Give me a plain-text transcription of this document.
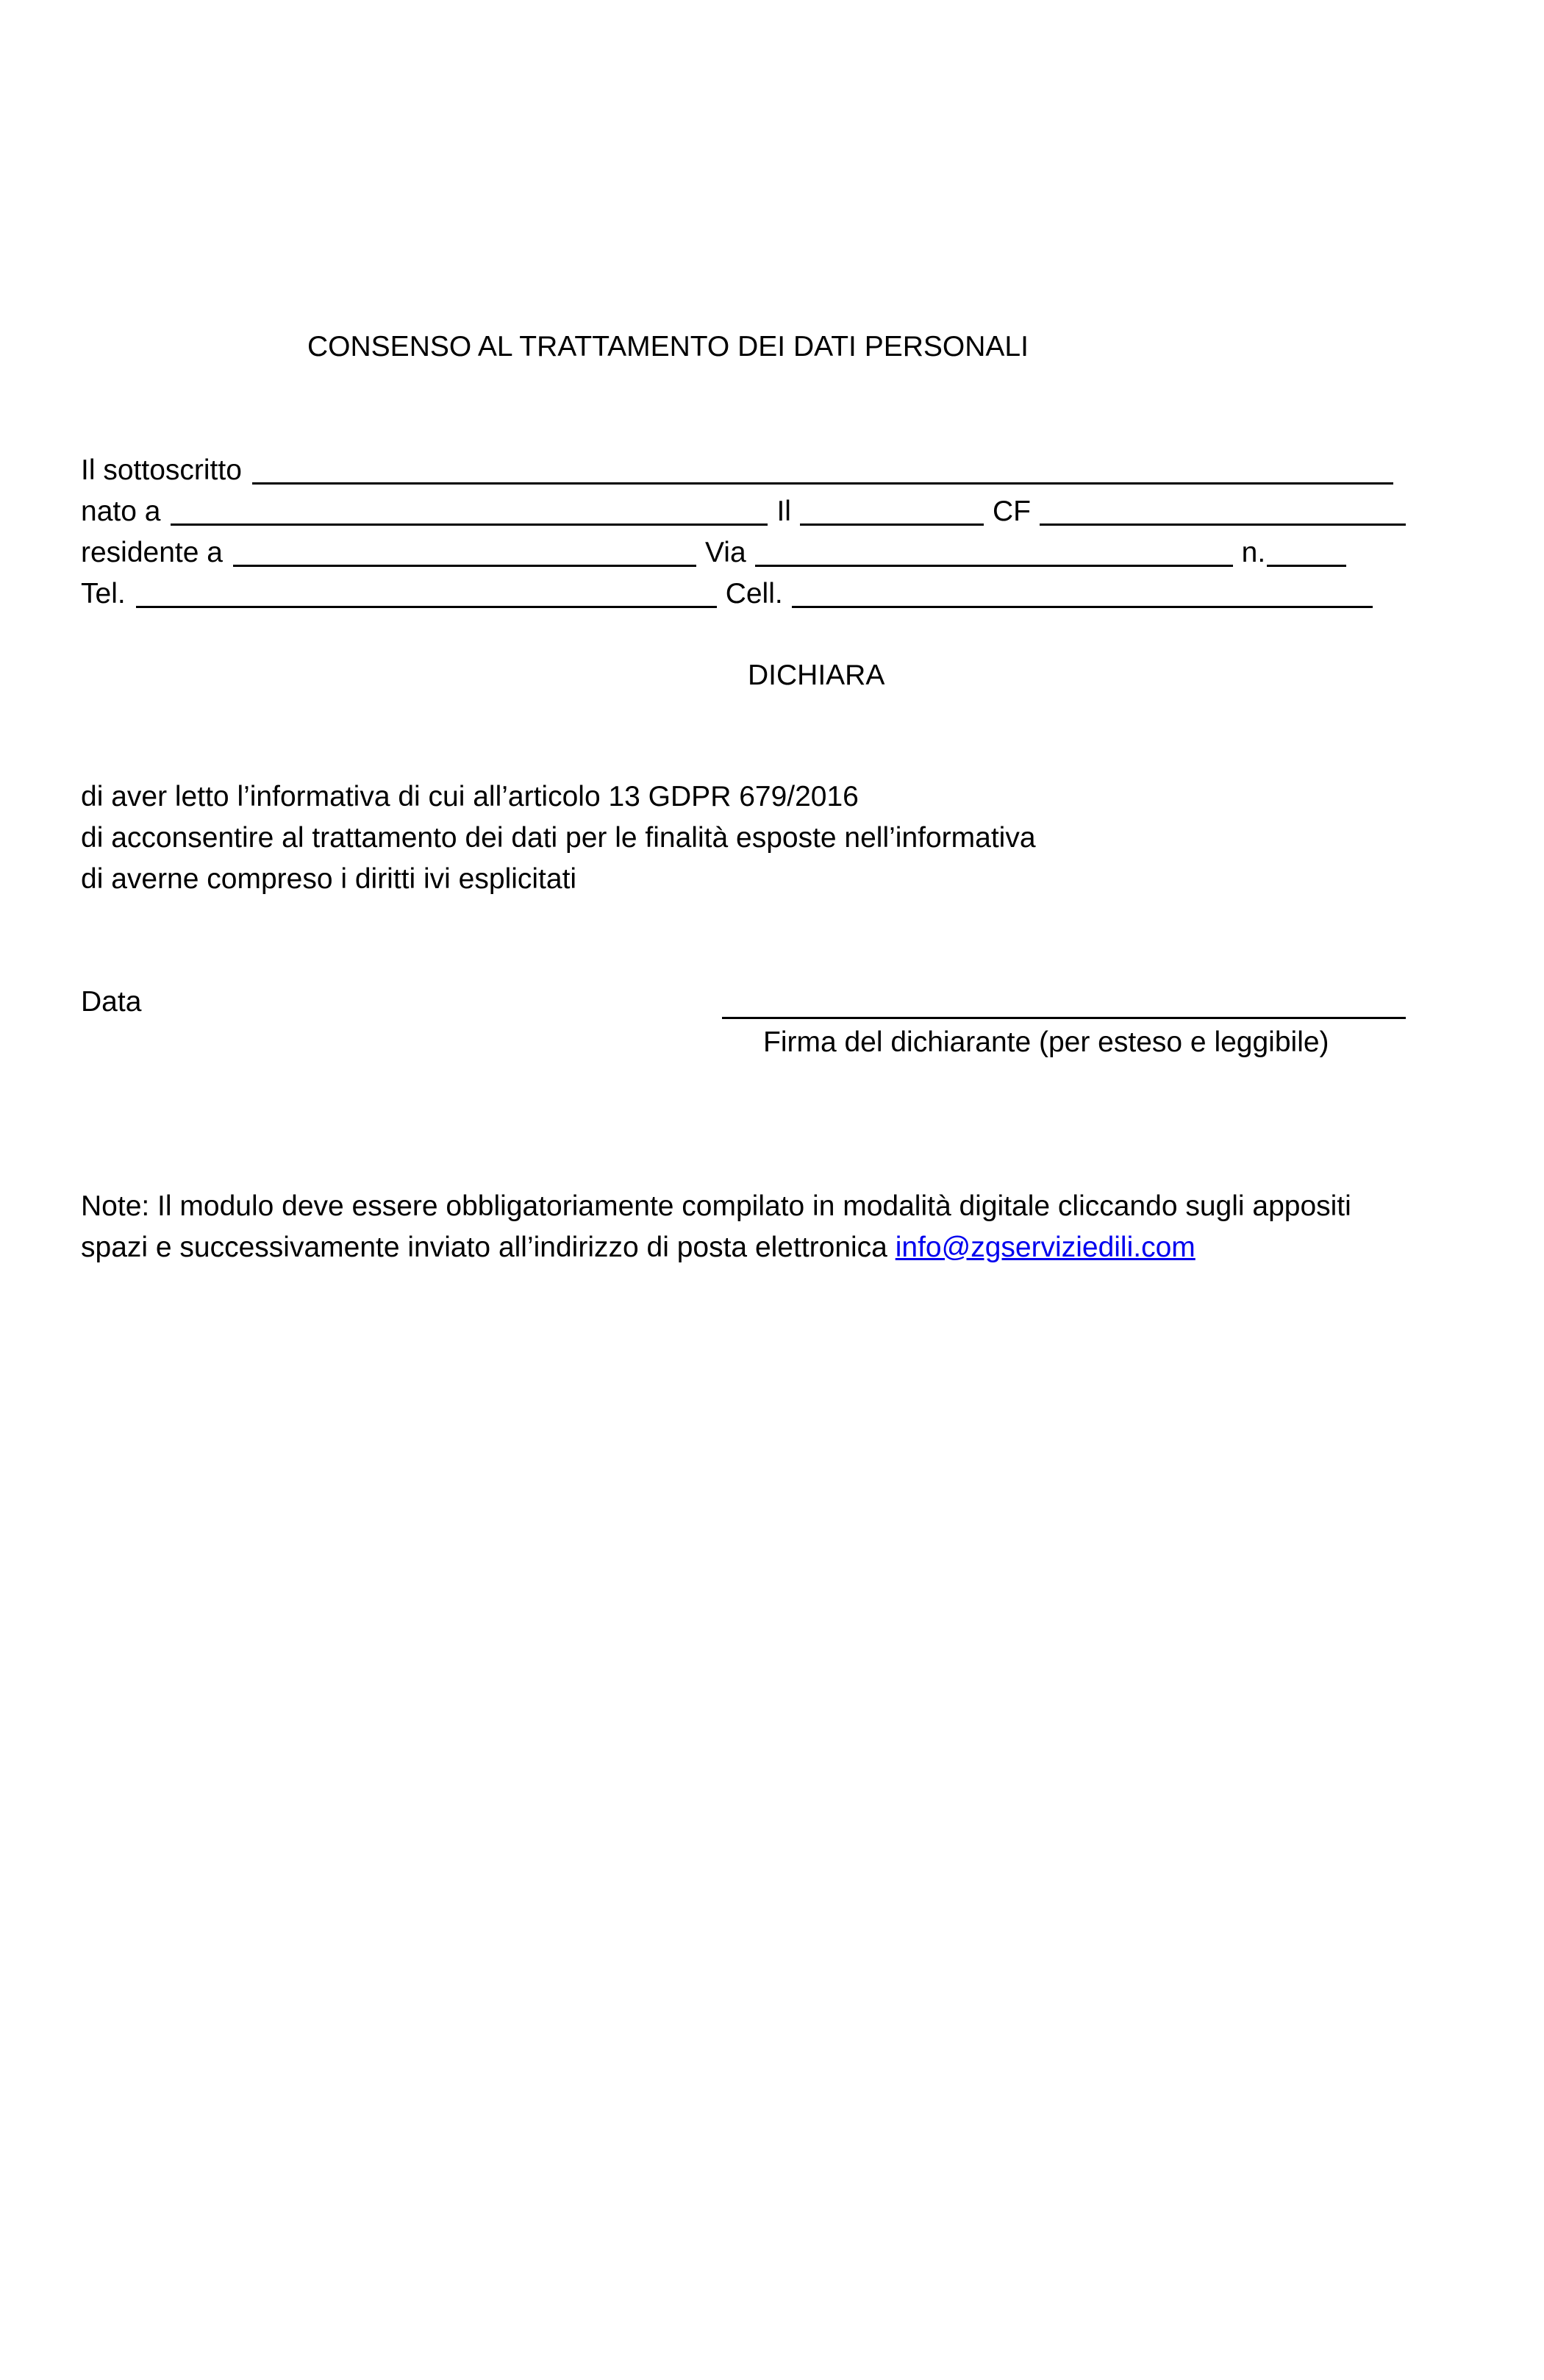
CONSENSO AL TRATTAMENTO DEI DATI PERSONALI

Il sottoscritto
nato a	Il	CF
residente a	Via	n.
Tel.	Cell.

DICHIARA

di aver letto l’informativa di cui all’articolo 13 GDPR 679/2016

di acconsentire al trattamento dei dati per le finalità esposte nell’informativa

di averne compreso i diritti ivi esplicitati

Data

Firma del dichiarante (per esteso e leggibile)

Note: Il modulo deve essere obbligatoriamente compilato in modalità digitale cliccando sugli appositi

spazi e successivamente inviato all’indirizzo di posta elettronica info@zgserviziedili.com
